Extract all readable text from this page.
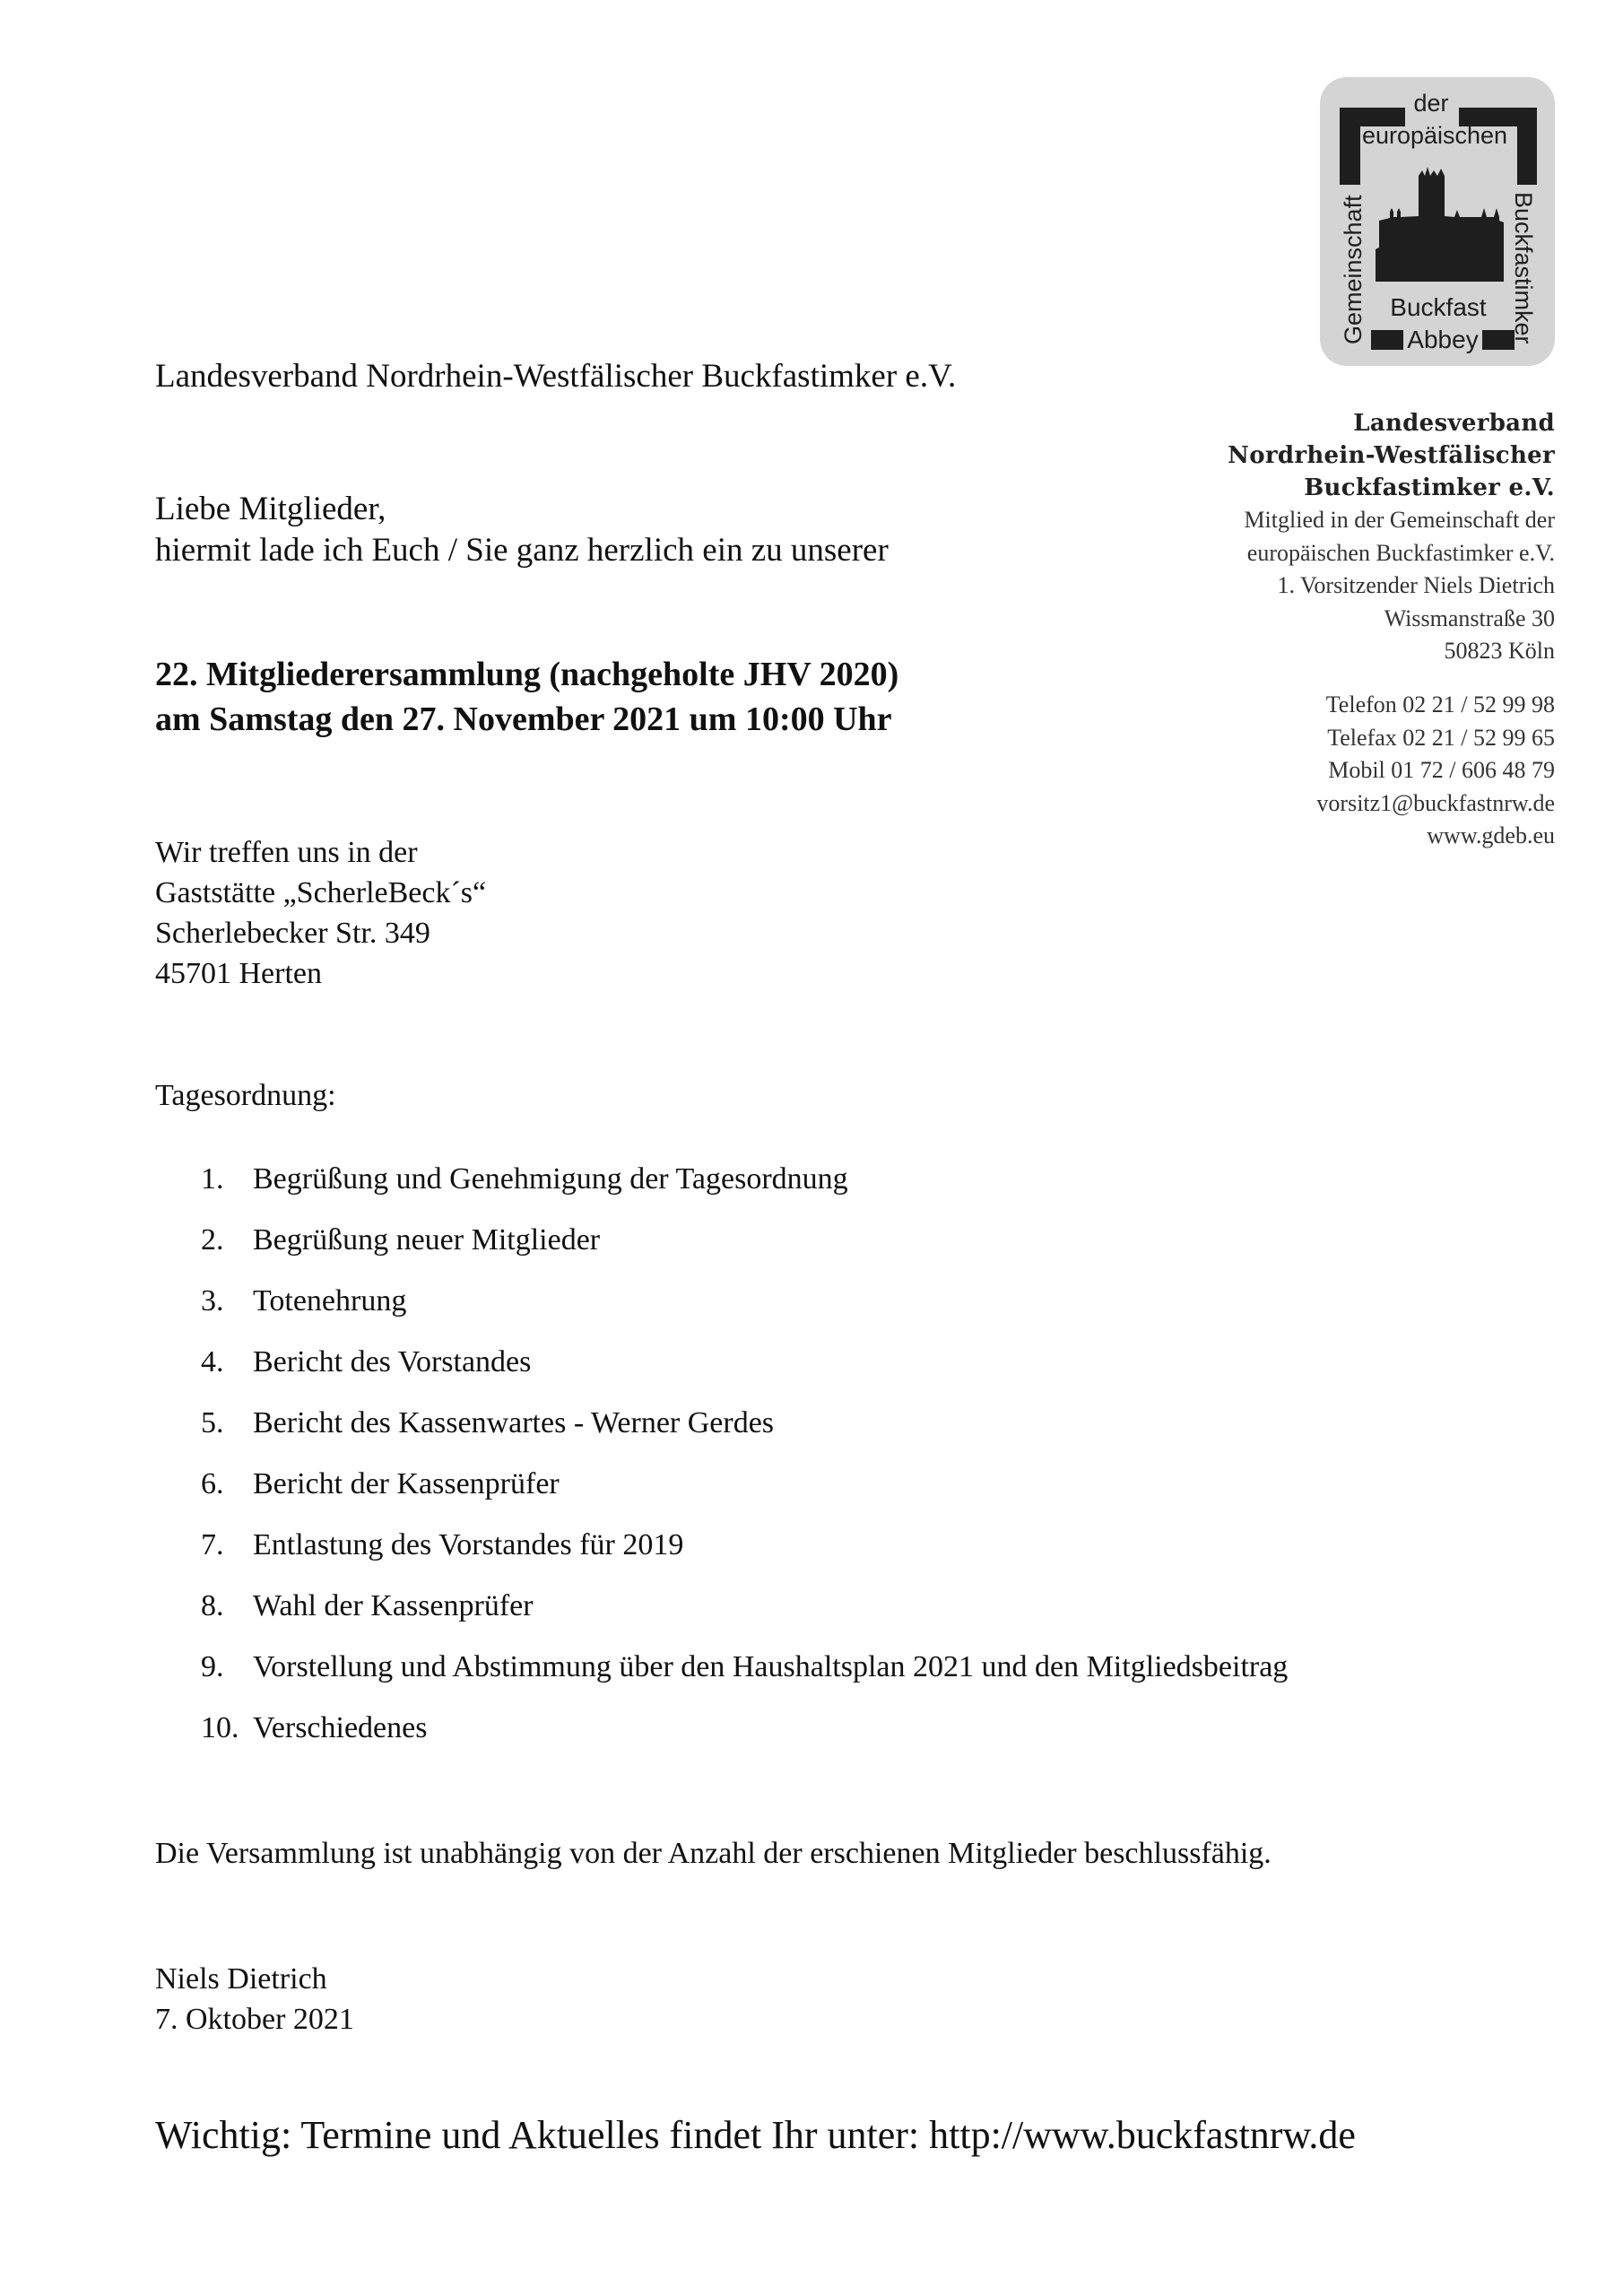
der
europäischen
Buckfast
Abbey
Gemeinschaft	Buckfastimker
Landesverband
Nordrhein-Westfälischer
Buckfastimker e.V.
Mitglied in der Gemeinschaft der
europäischen Buckfastimker e.V.
1. Vorsitzender Niels Dietrich
Wissmanstraße 30
50823 Köln
Telefon 02 21 / 52 99 98
Telefax 02 21 / 52 99 65
Mobil 01 72 / 606 48 79
vorsitz1@buckfastnrw.de
www.gdeb.eu
Landesverband Nordrhein-Westfälischer Buckfastimker e.V.
Liebe Mitglieder,
hiermit lade ich Euch / Sie ganz herzlich ein zu unserer
22. Mitgliederersammlung (nachgeholte JHV 2020)
am Samstag den 27. November 2021 um 10:00 Uhr
Wir treffen uns in der
Gaststätte „ScherleBeck´s“
Scherlebecker Str. 349
45701 Herten
Tagesordnung:
1. Begrüßung und Genehmigung der Tagesordnung
2. Begrüßung neuer Mitglieder
3. Totenehrung
4. Bericht des Vorstandes
5. Bericht des Kassenwartes - Werner Gerdes
6. Bericht der Kassenprüfer
7. Entlastung des Vorstandes für 2019
8. Wahl der Kassenprüfer
9. Vorstellung und Abstimmung über den Haushaltsplan 2021 und den Mitgliedsbeitrag
10. Verschiedenes
Die Versammlung ist unabhängig von der Anzahl der erschienen Mitglieder beschlussfähig.
Niels Dietrich
7. Oktober 2021
Wichtig: Termine und Aktuelles findet Ihr unter: http://www.buckfastnrw.de
